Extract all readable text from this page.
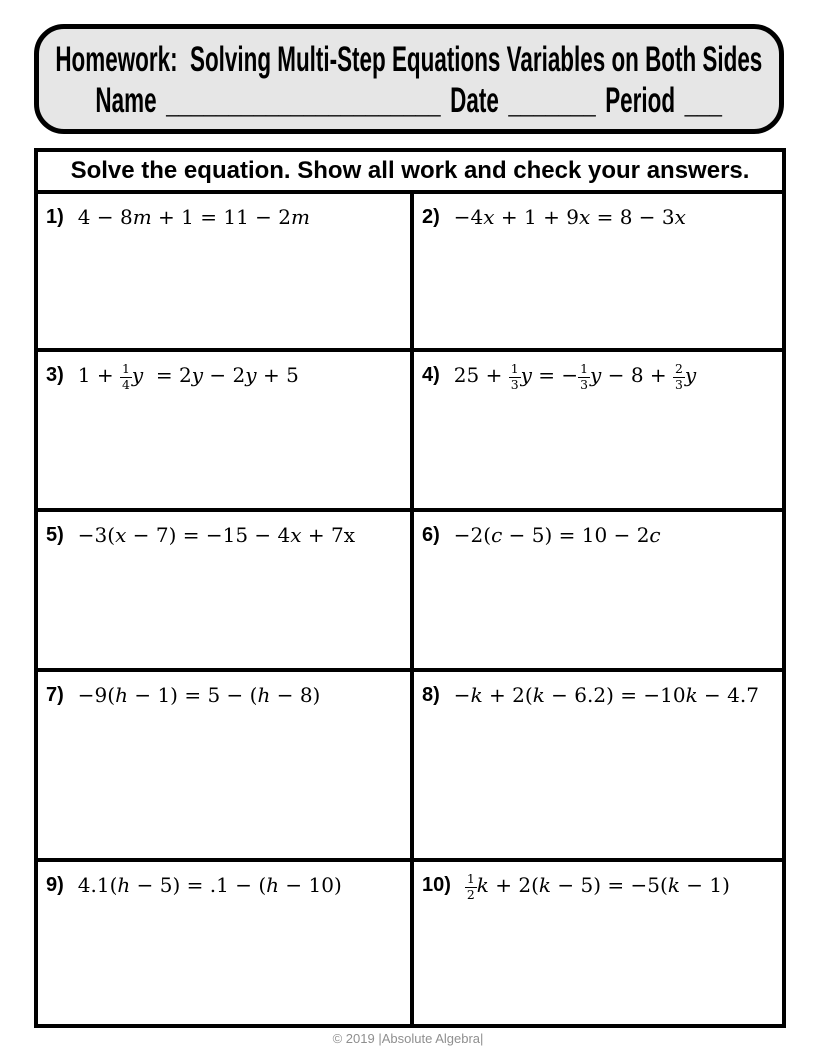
Homework:  Solving Multi-Step Equations Variables on Both Sides
Name ______________________ Date _______ Period ___
Solve the equation. Show all work and check your answers.
1) 4 − 8m + 1 = 11 − 2m	2) −4x + 1 + 9x = 8 − 3x
3) $1 + \frac{1}{4}$ y  = 2y − 2y + 5	4) $25 + \frac{1}{3}$ y = − $\frac{1}{3}$ $y - 8 + \frac{2}{3}$ y
5) −3(x − 7) = −15 − 4x + 7x	6) −2(c − 5) = 10 − 2c
7) −9(h − 1) = 5 − (h − 8)	8) −k + 2(k − 6.2) = −10k − 4.7
9) 4.1(h − 5) = .1 − (h − 10)	$10) \frac{1}{2}$ k + 2(k − 5) = −5(k − 1)
© 2019 |Absolute Algebra|
